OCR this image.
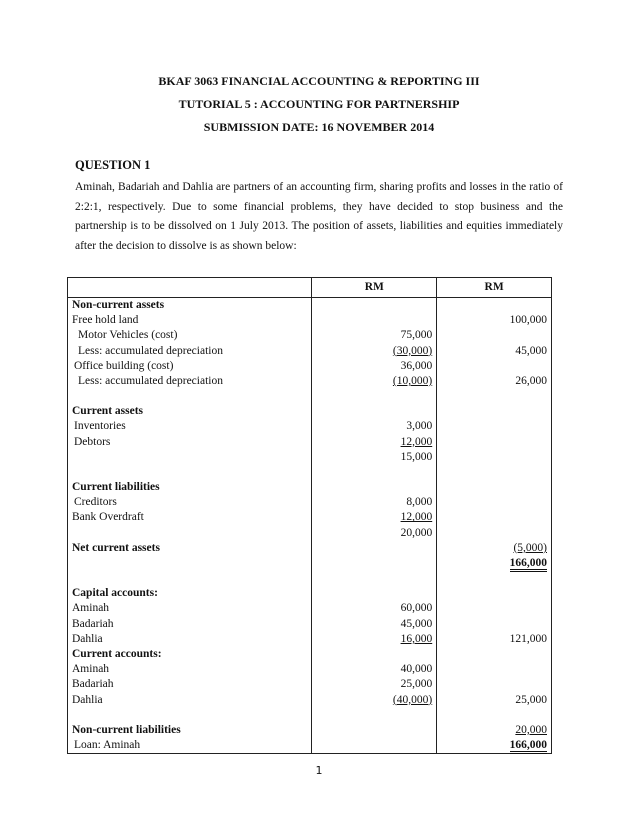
BKAF 3063 FINANCIAL ACCOUNTING & REPORTING III
TUTORIAL 5 : ACCOUNTING FOR PARTNERSHIP
SUBMISSION DATE: 16 NOVEMBER 2014
QUESTION 1
Aminah, Badariah and Dahlia are partners of an accounting firm, sharing profits and losses in the ratio of 2:2:1, respectively. Due to some financial problems, they have decided to stop business and the partnership is to be dissolved on 1 July 2013. The position of assets, liabilities and equities immediately after the decision to dissolve is as shown below:
	RM	RM
Non-current assets		
Free hold land		100,000
Motor Vehicles (cost)	75,000	
Less: accumulated depreciation	(30,000)	45,000
Office building (cost)	36,000	
Less: accumulated depreciation	(10,000)	26,000

Current assets		
Inventories	3,000	
Debtors	12,000	
	15,000	

Current liabilities		
Creditors	8,000	
Bank Overdraft	12,000	
	20,000	
Net current assets		(5,000)
		166,000

Capital accounts:		
Aminah	60,000	
Badariah	45,000	
Dahlia	16,000	121,000
Current accounts:		
Aminah	40,000	
Badariah	25,000	
Dahlia	(40,000)	25,000

Non-current liabilities		20,000
Loan: Aminah		166,000
1
